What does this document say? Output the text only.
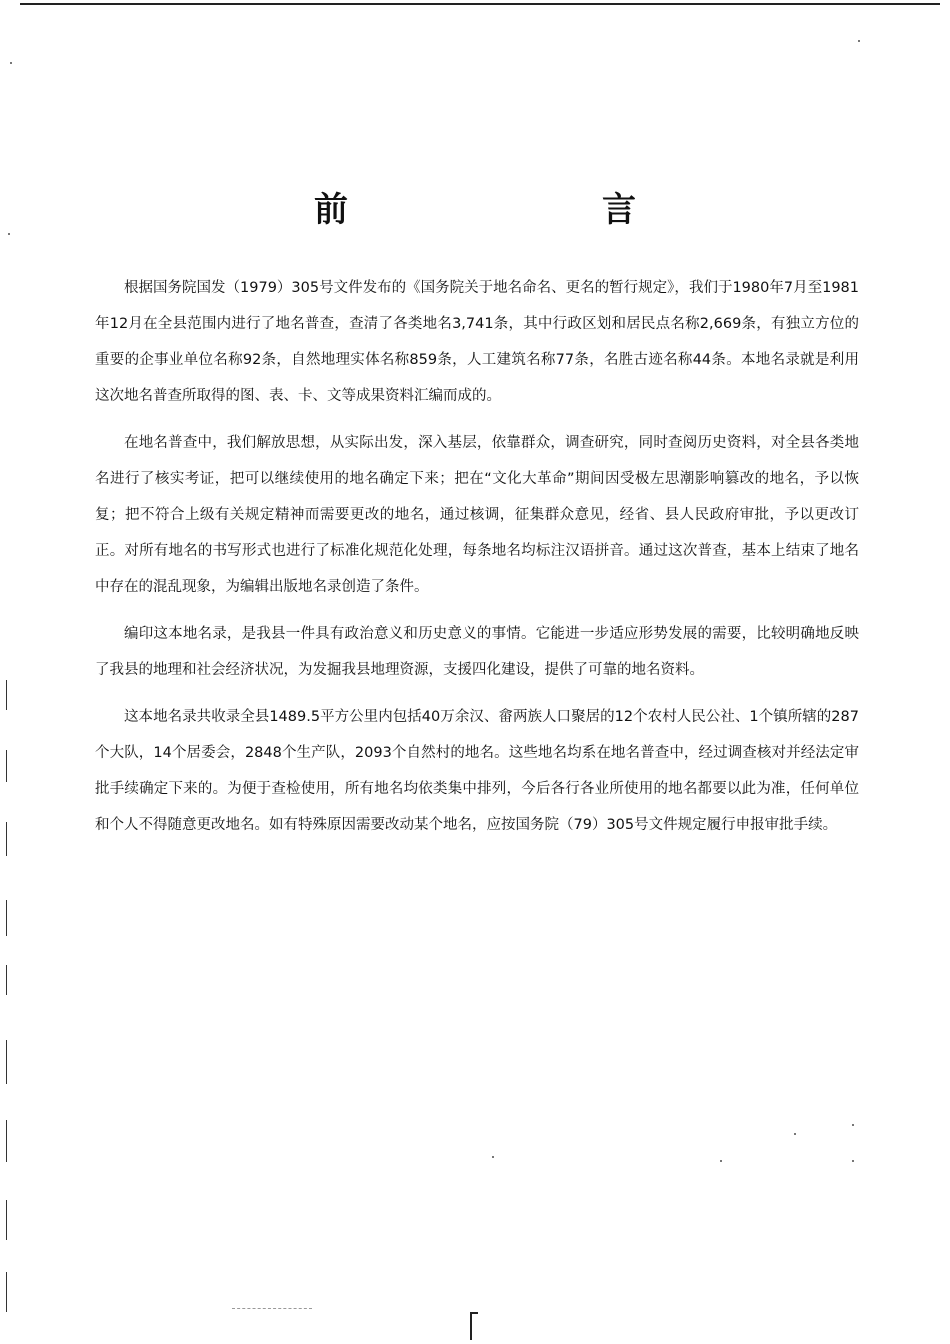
前　言

根据国务院国发（1979）305号文件发布的《国务院关于地名命名、更名的暂行规定》，我们于1980年7月至1981年12月在全县范围内进行了地名普查，查清了各类地名3,741条，其中行政区划和居民点名称2,669条，有独立方位的重要的企事业单位名称92条，自然地理实体名称859条，人工建筑名称77条，名胜古迹名称44条。本地名录就是利用这次地名普查所取得的图、表、卡、文等成果资料汇编而成的。

在地名普查中，我们解放思想，从实际出发，深入基层，依靠群众，调查研究，同时查阅历史资料，对全县各类地名进行了核实考证，把可以继续使用的地名确定下来；把在“文化大革命”期间因受极左思潮影响篡改的地名，予以恢复；把不符合上级有关规定精神而需要更改的地名，通过核调，征集群众意见，经省、县人民政府审批，予以更改订正。对所有地名的书写形式也进行了标准化规范化处理，每条地名均标注汉语拼音。通过这次普查，基本上结束了地名中存在的混乱现象，为编辑出版地名录创造了条件。

编印这本地名录，是我县一件具有政治意义和历史意义的事情。它能进一步适应形势发展的需要，比较明确地反映了我县的地理和社会经济状况，为发掘我县地理资源，支援四化建设，提供了可靠的地名资料。

这本地名录共收录全县1489.5平方公里内包括40万余汉、畲两族人口聚居的12个农村人民公社、1个镇所辖的287个大队，14个居委会，2848个生产队，2093个自然村的地名。这些地名均系在地名普查中，经过调查核对并经法定审批手续确定下来的。为便于查检使用，所有地名均依类集中排列，今后各行各业所使用的地名都要以此为准，任何单位和个人不得随意更改地名。如有特殊原因需要改动某个地名，应按国务院（79）305号文件规定履行申报审批手续。
